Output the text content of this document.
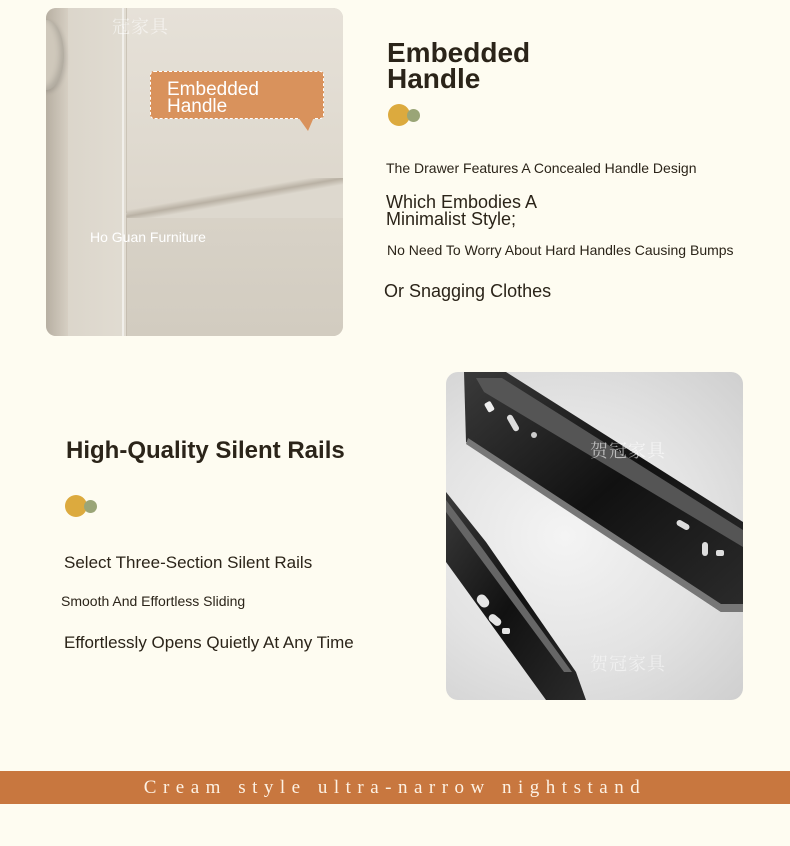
冠家具
Ho Guan Furniture
Embedded
Handle
Embedded
Handle
The Drawer Features A Concealed Handle Design
Which Embodies A
Minimalist Style;
No Need To Worry About Hard Handles Causing Bumps
Or Snagging Clothes
High-Quality Silent Rails
Select Three-Section Silent Rails
Smooth And Effortless Sliding
Effortlessly Opens Quietly At Any Time
贺冠家具
贺冠家具
Cream style ultra-narrow nightstand
